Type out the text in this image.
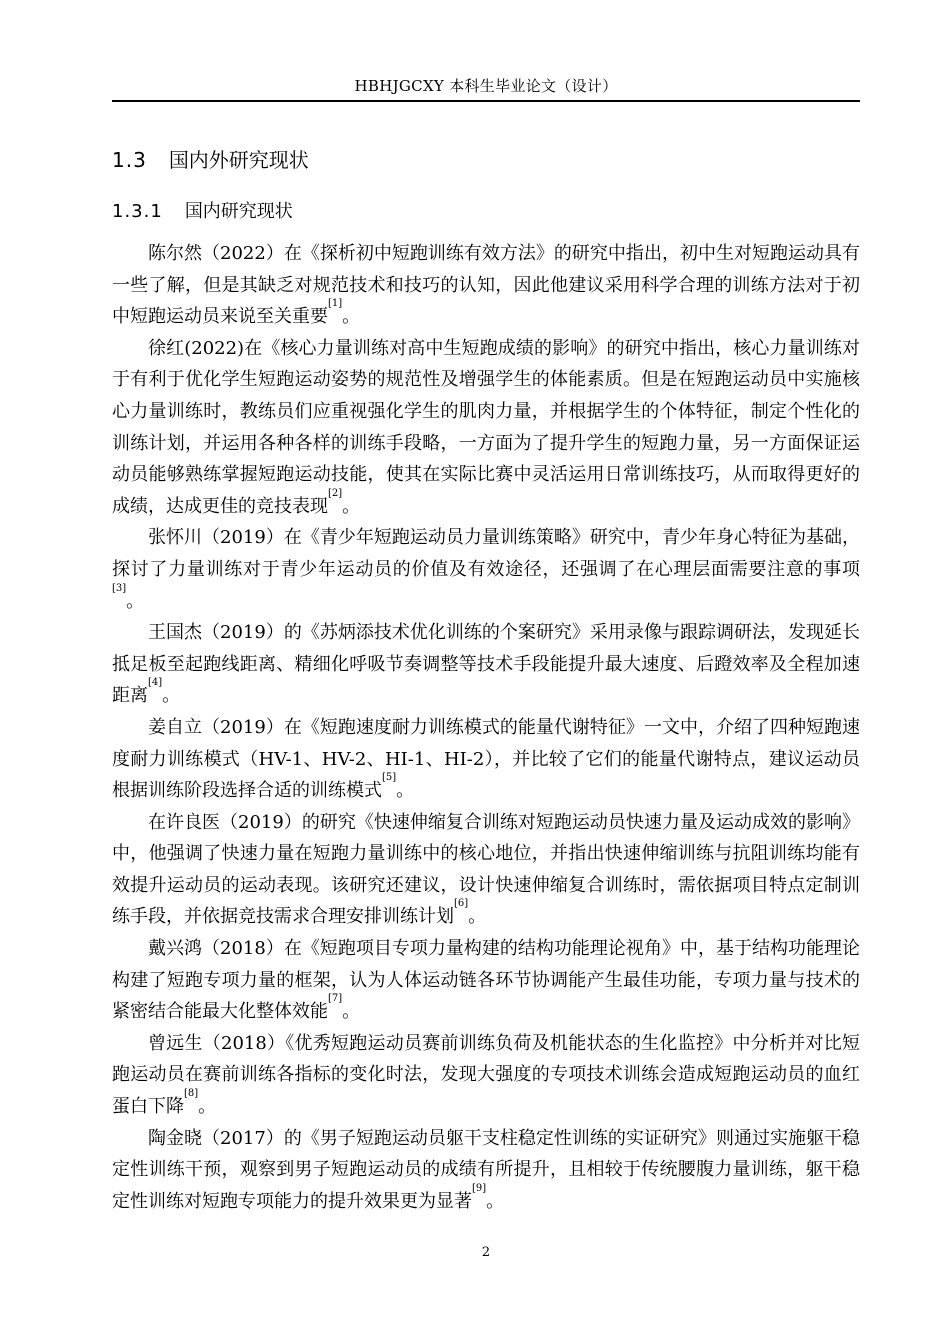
HBHJGCXY 本科生毕业论文（设计）
1.3 国内外研究现状
1.3.1 国内研究现状

陈尔然（2022）在《探析初中短跑训练有效方法》的研究中指出，初中生对短跑运动具有一些了解，但是其缺乏对规范技术和技巧的认知，因此他建议采用科学合理的训练方法对于初中短跑运动员来说至关重要[1]。

徐红(2022)在《核心力量训练对高中生短跑成绩的影响》的研究中指出，核心力量训练对于有利于优化学生短跑运动姿势的规范性及增强学生的体能素质。但是在短跑运动员中实施核心力量训练时，教练员们应重视强化学生的肌肉力量，并根据学生的个体特征，制定个性化的训练计划，并运用各种各样的训练手段略，一方面为了提升学生的短跑力量，另一方面保证运动员能够熟练掌握短跑运动技能，使其在实际比赛中灵活运用日常训练技巧，从而取得更好的成绩，达成更佳的竞技表现[2]。

张怀川（2019）在《青少年短跑运动员力量训练策略》研究中，青少年身心特征为基础，探讨了力量训练对于青少年运动员的价值及有效途径，还强调了在心理层面需要注意的事项[3]。

王国杰（2019）的《苏炳添技术优化训练的个案研究》采用录像与跟踪调研法，发现延长抵足板至起跑线距离、精细化呼吸节奏调整等技术手段能提升最大速度、后蹬效率及全程加速距离[4]。

姜自立（2019）在《短跑速度耐力训练模式的能量代谢特征》一文中，介绍了四种短跑速度耐力训练模式（HV-1、HV-2、HI-1、HI-2），并比较了它们的能量代谢特点，建议运动员根据训练阶段选择合适的训练模式[5]。

在许良医（2019）的研究《快速伸缩复合训练对短跑运动员快速力量及运动成效的影响》中，他强调了快速力量在短跑力量训练中的核心地位，并指出快速伸缩训练与抗阻训练均能有效提升运动员的运动表现。该研究还建议，设计快速伸缩复合训练时，需依据项目特点定制训练手段，并依据竞技需求合理安排训练计划[6]。

戴兴鸿（2018）在《短跑项目专项力量构建的结构功能理论视角》中，基于结构功能理论构建了短跑专项力量的框架，认为人体运动链各环节协调能产生最佳功能，专项力量与技术的紧密结合能最大化整体效能[7]。

曾远生（2018）《优秀短跑运动员赛前训练负荷及机能状态的生化监控》中分析并对比短跑运动员在赛前训练各指标的变化时法，发现大强度的专项技术训练会造成短跑运动员的血红蛋白下降[8]。

陶金晓（2017）的《男子短跑运动员躯干支柱稳定性训练的实证研究》则通过实施躯干稳定性训练干预，观察到男子短跑运动员的成绩有所提升，且相较于传统腰腹力量训练，躯干稳定性训练对短跑专项能力的提升效果更为显著[9]。

2
